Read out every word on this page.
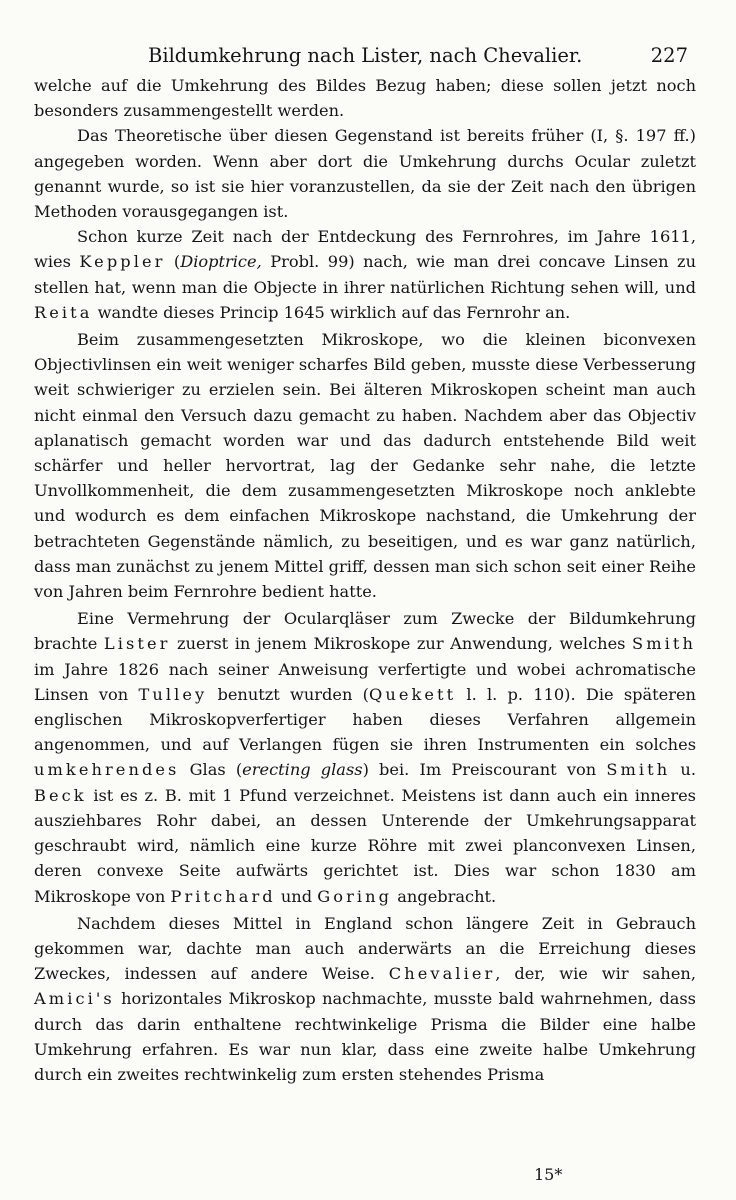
Bildumkehrung nach Lister, nach Chevalier.	227

welche auf die Umkehrung des Bildes Bezug haben; diese sollen jetzt noch besonders zusammengestellt werden.

Das Theoretische über diesen Gegenstand ist bereits früher (I, §. 197 ff.) angegeben worden. Wenn aber dort die Umkehrung durchs Ocular zuletzt genannt wurde, so ist sie hier voranzustellen, da sie der Zeit nach den übrigen Methoden vorausgegangen ist.

Schon kurze Zeit nach der Entdeckung des Fernrohres, im Jahre 1611, wies Keppler (Dioptrice, Probl. 99) nach, wie man drei concave Linsen zu stellen hat, wenn man die Objecte in ihrer natürlichen Richtung sehen will, und Reita wandte dieses Princip 1645 wirklich auf das Fernrohr an.

Beim zusammengesetzten Mikroskope, wo die kleinen biconvexen Objectivlinsen ein weit weniger scharfes Bild geben, musste diese Verbesserung weit schwieriger zu erzielen sein. Bei älteren Mikroskopen scheint man auch nicht einmal den Versuch dazu gemacht zu haben. Nachdem aber das Objectiv aplanatisch gemacht worden war und das dadurch entstehende Bild weit schärfer und heller hervortrat, lag der Gedanke sehr nahe, die letzte Unvollkommenheit, die dem zusammengesetzten Mikroskope noch anklebte und wodurch es dem einfachen Mikroskope nachstand, die Umkehrung der betrachteten Gegenstände nämlich, zu beseitigen, und es war ganz natürlich, dass man zunächst zu jenem Mittel griff, dessen man sich schon seit einer Reihe von Jahren beim Fernrohre bedient hatte.

Eine Vermehrung der Ocularqläser zum Zwecke der Bildumkehrung brachte Lister zuerst in jenem Mikroskope zur Anwendung, welches Smith im Jahre 1826 nach seiner Anweisung verfertigte und wobei achromatische Linsen von Tulley benutzt wurden (Quekett l. l. p. 110). Die späteren englischen Mikroskopverfertiger haben dieses Verfahren allgemein angenommen, und auf Verlangen fügen sie ihren Instrumenten ein solches umkehrendes Glas (erecting glass) bei. Im Preiscourant von Smith u. Beck ist es z. B. mit 1 Pfund verzeichnet. Meistens ist dann auch ein inneres ausziehbares Rohr dabei, an dessen Unterende der Umkehrungsapparat geschraubt wird, nämlich eine kurze Röhre mit zwei planconvexen Linsen, deren convexe Seite aufwärts gerichtet ist. Dies war schon 1830 am Mikroskope von Pritchard und Goring angebracht.

Nachdem dieses Mittel in England schon längere Zeit in Gebrauch gekommen war, dachte man auch anderwärts an die Erreichung dieses Zweckes, indessen auf andere Weise. Chevalier, der, wie wir sahen, Amici's horizontales Mikroskop nachmachte, musste bald wahrnehmen, dass durch das darin enthaltene rechtwinkelige Prisma die Bilder eine halbe Umkehrung erfahren. Es war nun klar, dass eine zweite halbe Umkehrung durch ein zweites rechtwinkelig zum ersten stehendes Prisma

15*
